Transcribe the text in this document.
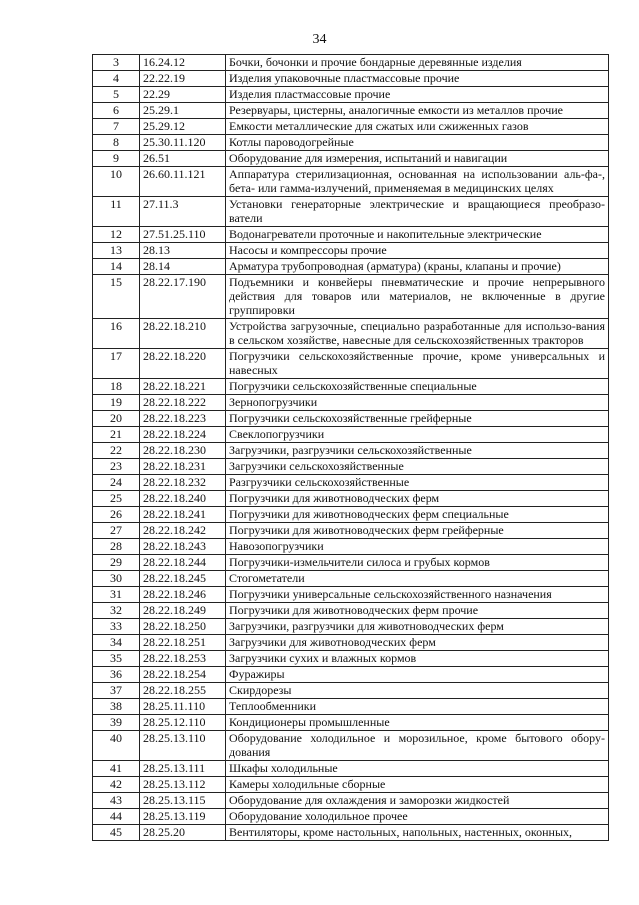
34
3	16.24.12	Бочки, бочонки и прочие бондарные деревянные изделия
4	22.22.19	Изделия упаковочные пластмассовые прочие
5	22.29	Изделия пластмассовые прочие
6	25.29.1	Резервуары, цистерны, аналогичные емкости из металлов прочие
7	25.29.12	Емкости металлические для сжатых или сжиженных газов
8	25.30.11.120	Котлы пароводогрейные
9	26.51	Оборудование для измерения, испытаний и навигации
10	26.60.11.121	Аппаратура стерилизационная, основанная на использовании аль-фа-, бета- или гамма-излучений, применяемая в медицинских целях
11	27.11.3	Установки генераторные электрические и вращающиеся преобразо-ватели
12	27.51.25.110	Водонагреватели проточные и накопительные электрические
13	28.13	Насосы и компрессоры прочие
14	28.14	Арматура трубопроводная (арматура) (краны, клапаны и прочие)
15	28.22.17.190	Подъемники и конвейеры пневматические и прочие непрерывного действия для товаров или материалов, не включенные в другие группировки
16	28.22.18.210	Устройства загрузочные, специально разработанные для использо-вания в сельском хозяйстве, навесные для сельскохозяйственных тракторов
17	28.22.18.220	Погрузчики сельскохозяйственные прочие, кроме универсальных и навесных
18	28.22.18.221	Погрузчики сельскохозяйственные специальные
19	28.22.18.222	Зернопогрузчики
20	28.22.18.223	Погрузчики сельскохозяйственные грейферные
21	28.22.18.224	Свеклопогрузчики
22	28.22.18.230	Загрузчики, разгрузчики сельскохозяйственные
23	28.22.18.231	Загрузчики сельскохозяйственные
24	28.22.18.232	Разгрузчики сельскохозяйственные
25	28.22.18.240	Погрузчики для животноводческих ферм
26	28.22.18.241	Погрузчики для животноводческих ферм специальные
27	28.22.18.242	Погрузчики для животноводческих ферм грейферные
28	28.22.18.243	Навозопогрузчики
29	28.22.18.244	Погрузчики-измельчители силоса и грубых кормов
30	28.22.18.245	Стогометатели
31	28.22.18.246	Погрузчики универсальные сельскохозяйственного назначения
32	28.22.18.249	Погрузчики для животноводческих ферм прочие
33	28.22.18.250	Загрузчики, разгрузчики для животноводческих ферм
34	28.22.18.251	Загрузчики для животноводческих ферм
35	28.22.18.253	Загрузчики сухих и влажных кормов
36	28.22.18.254	Фуражиры
37	28.22.18.255	Скирдорезы
38	28.25.11.110	Теплообменники
39	28.25.12.110	Кондиционеры промышленные
40	28.25.13.110	Оборудование холодильное и морозильное, кроме бытового обору-дования
41	28.25.13.111	Шкафы холодильные
42	28.25.13.112	Камеры холодильные сборные
43	28.25.13.115	Оборудование для охлаждения и заморозки жидкостей
44	28.25.13.119	Оборудование холодильное прочее
45	28.25.20	Вентиляторы, кроме настольных, напольных, настенных, оконных,
